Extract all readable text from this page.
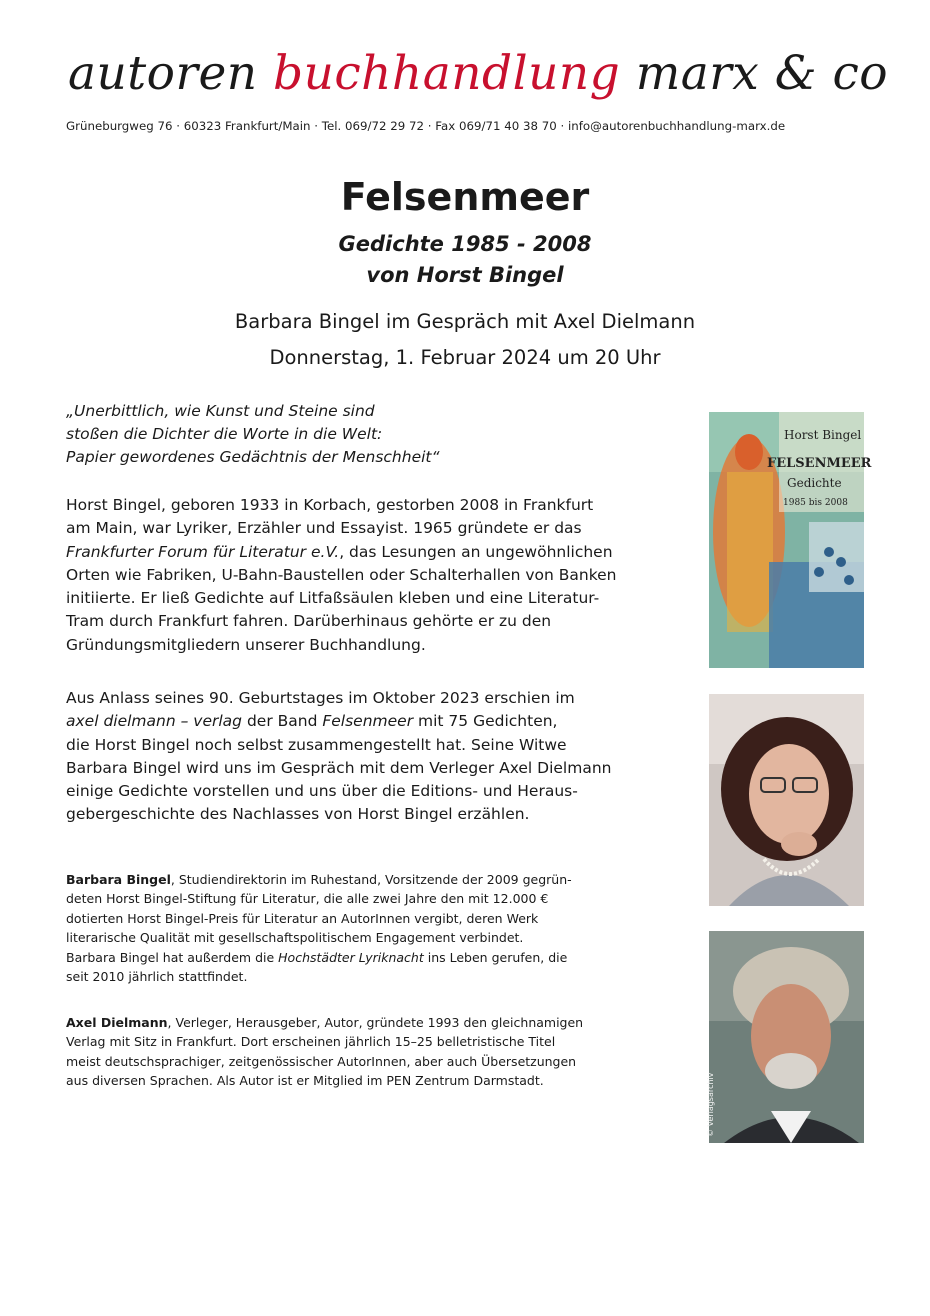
autoren buchhandlung marx & co
Grüneburgweg 76 · 60323 Frankfurt/Main · Tel. 069/72 29 72 · Fax 069/71 40 38 70 · info@autorenbuchhandlung-marx.de
Felsenmeer
Gedichte 1985 - 2008
von Horst Bingel
Barbara Bingel im Gespräch mit Axel Dielmann
Donnerstag, 1. Februar 2024 um 20 Uhr
„Unerbittlich, wie Kunst und Steine sind
stoßen die Dichter die Worte in die Welt:
Papier gewordenes Gedächtnis der Menschheit“
Horst Bingel, geboren 1933 in Korbach, gestorben 2008 in Frankfurt
am Main, war Lyriker, Erzähler und Essayist. 1965 gründete er das
Frankfurter Forum für Literatur e.V., das Lesungen an ungewöhnlichen
Orten wie Fabriken, U-Bahn-Baustellen oder Schalterhallen von Banken
initiierte. Er ließ Gedichte auf Litfaßsäulen kleben und eine Literatur-
Tram durch Frankfurt fahren. Darüberhinaus gehörte er zu den
Gründungsmitgliedern unserer Buchhandlung.
Aus Anlass seines 90. Geburtstages im Oktober 2023 erschien im
axel dielmann – verlag der Band Felsenmeer mit 75 Gedichten,
die Horst Bingel noch selbst zusammengestellt hat. Seine Witwe
Barbara Bingel wird uns im Gespräch mit dem Verleger Axel Dielmann
einige Gedichte vorstellen und uns über die Editions- und Heraus-
gebergeschichte des Nachlasses von Horst Bingel erzählen.
Barbara Bingel, Studiendirektorin im Ruhestand, Vorsitzende der 2009 gegrün-
deten Horst Bingel-Stiftung für Literatur, die alle zwei Jahre den mit 12.000 €
dotierten Horst Bingel-Preis für Literatur an AutorInnen vergibt, deren Werk
literarische Qualität mit gesellschaftspolitischem Engagement verbindet.
Barbara Bingel hat außerdem die Hochstädter Lyriknacht ins Leben gerufen, die
seit 2010 jährlich stattfindet.
Axel Dielmann, Verleger, Herausgeber, Autor, gründete 1993 den gleichnamigen
Verlag mit Sitz in Frankfurt. Dort erscheinen jährlich 15–25 belletristische Titel
meist deutschsprachiger, zeitgenössischer AutorInnen, aber auch Übersetzungen
aus diversen Sprachen. Als Autor ist er Mitglied im PEN Zentrum Darmstadt.
Horst Bingel
FELSENMEER
Gedichte
1985 bis 2008
© Verlagsarchiv
